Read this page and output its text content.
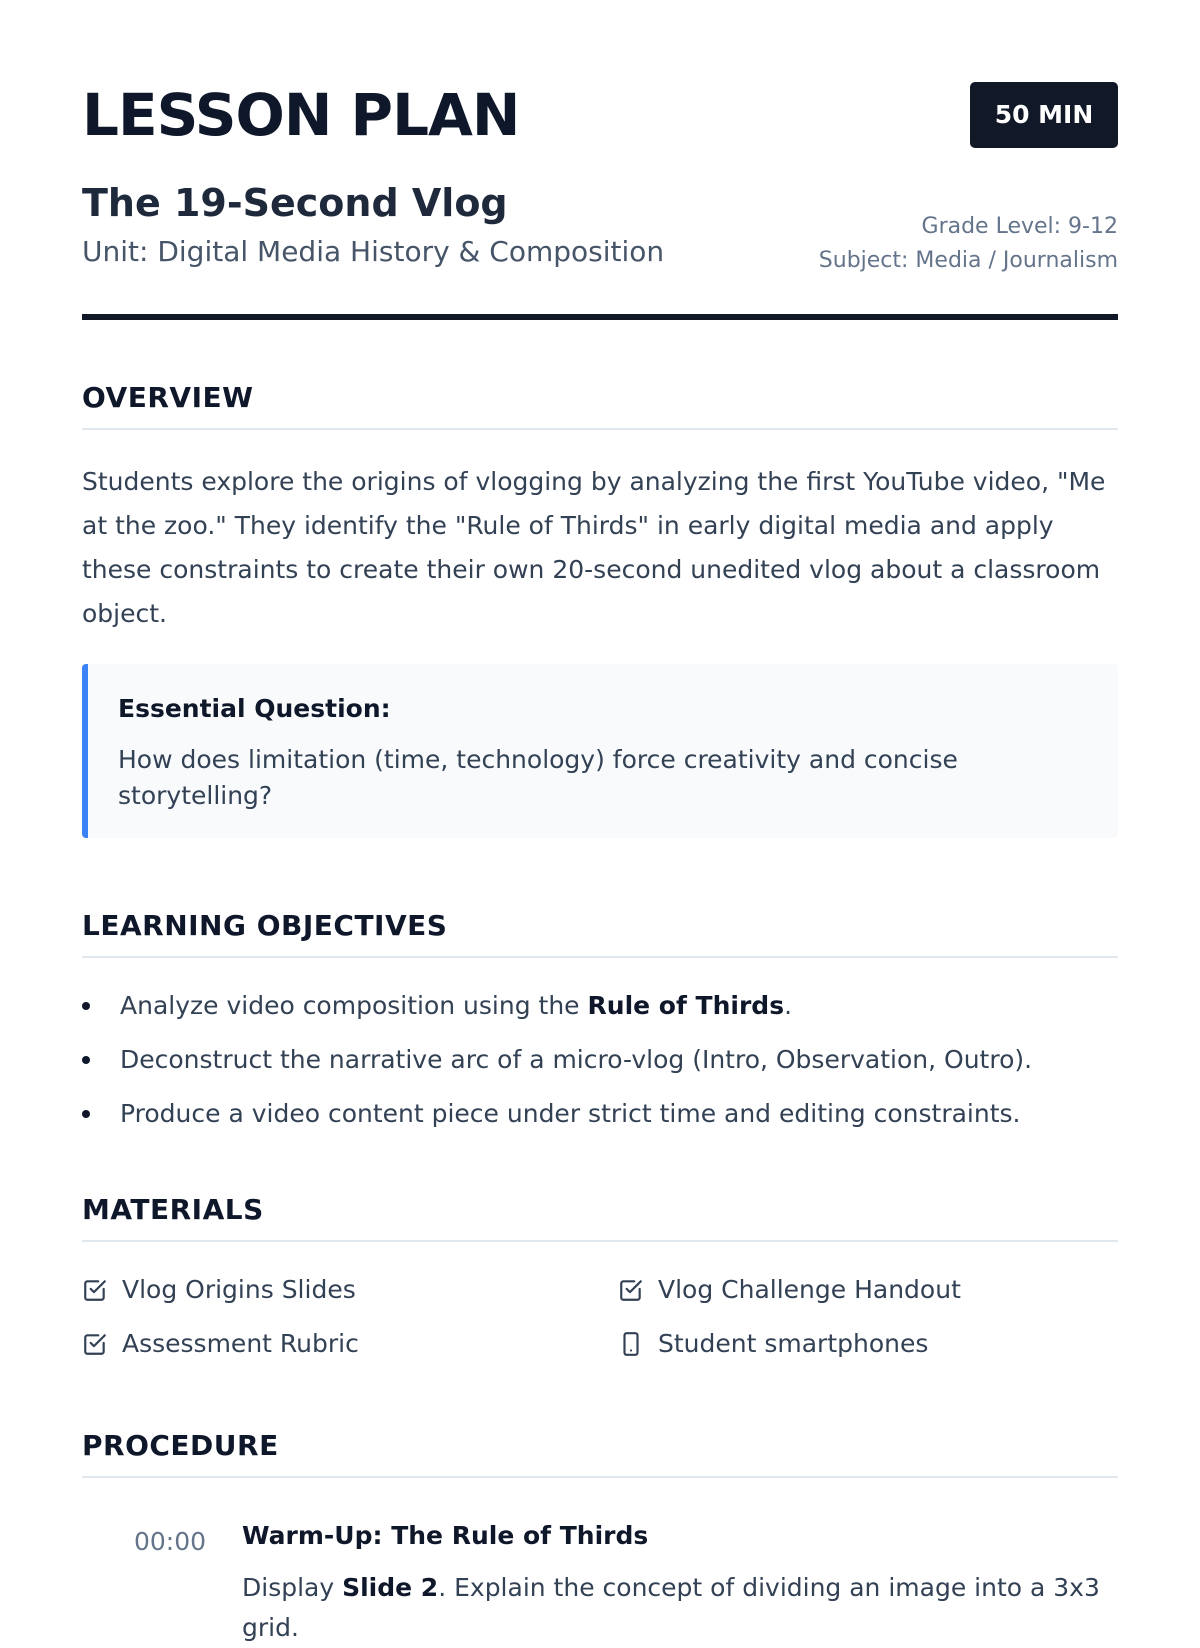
LESSON PLAN	50 MIN
The 19-Second Vlog
Unit: Digital Media History & Composition
Grade Level: 9-12
Subject: Media / Journalism
OVERVIEW

Students explore the origins of vlogging by analyzing the first YouTube video, "Me at the zoo." They identify the "Rule of Thirds" in early digital media and apply these constraints to create their own 20-second unedited vlog about a classroom object.

Essential Question:
How does limitation (time, technology) force creativity and concise storytelling?
LEARNING OBJECTIVES
Analyze video composition using the Rule of Thirds.
Deconstruct the narrative arc of a micro-vlog (Intro, Observation, Outro).
Produce a video content piece under strict time and editing constraints.
MATERIALS
Vlog Origins Slides	Vlog Challenge Handout
Assessment Rubric	Student smartphones
PROCEDURE
00:00	Warm-Up: The Rule of Thirds
Display Slide 2. Explain the concept of dividing an image into a 3x3 grid.
